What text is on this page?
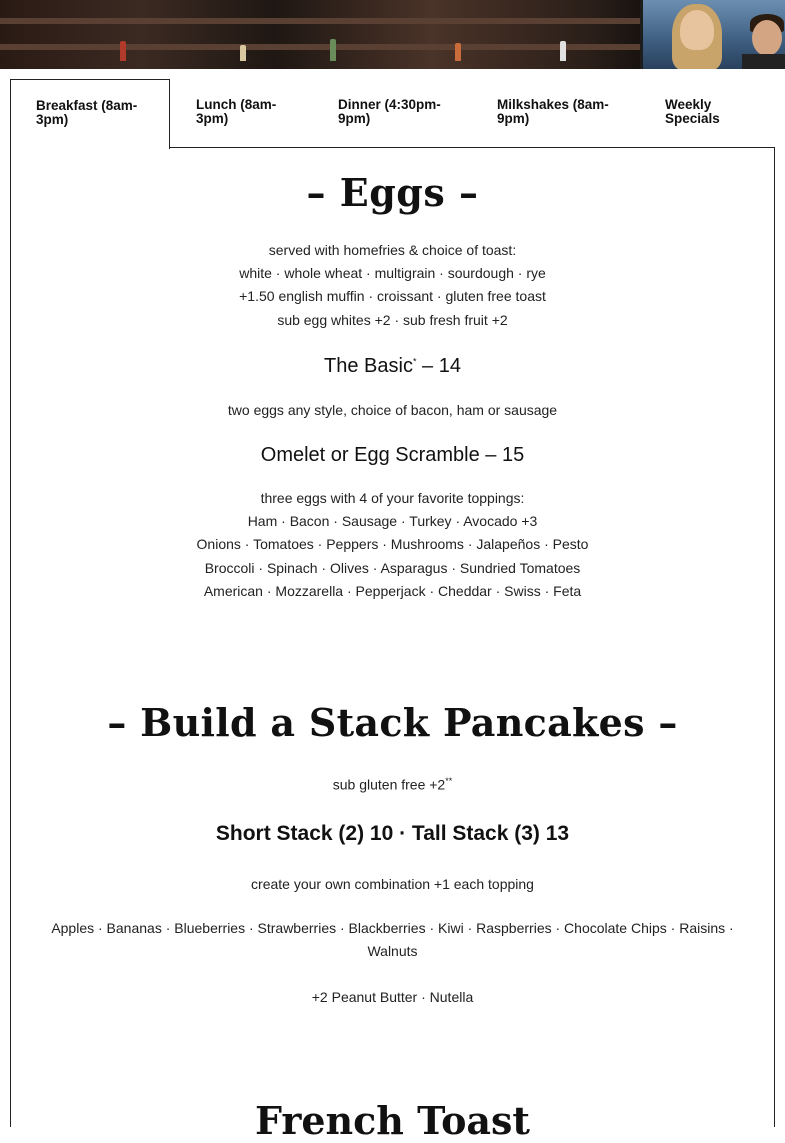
Breakfast (8am-
3pm)
Lunch (8am-
3pm)
Dinner (4:30pm-
9pm)
Milkshakes (8am-
9pm)
Weekly
Specials
– Eggs –
served with homefries & choice of toast:
white · whole wheat · multigrain · sourdough · rye
+1.50 english muffin · croissant · gluten free toast
sub egg whites +2 · sub fresh fruit +2
The Basic* – 14
two eggs any style, choice of bacon, ham or sausage
Omelet or Egg Scramble – 15
three eggs with 4 of your favorite toppings:
Ham · Bacon · Sausage · Turkey · Avocado +3
Onions · Tomatoes · Peppers · Mushrooms · Jalapeños · Pesto
Broccoli · Spinach · Olives · Asparagus · Sundried Tomatoes
American · Mozzarella · Pepperjack · Cheddar · Swiss · Feta
– Build a Stack Pancakes –
sub gluten free +2**
Short Stack (2) 10 · Tall Stack (3) 13
create your own combination +1 each topping
Apples · Bananas · Blueberries · Strawberries · Blackberries · Kiwi · Raspberries · Chocolate Chips · Raisins · Walnuts
+2 Peanut Butter · Nutella
French Toast
